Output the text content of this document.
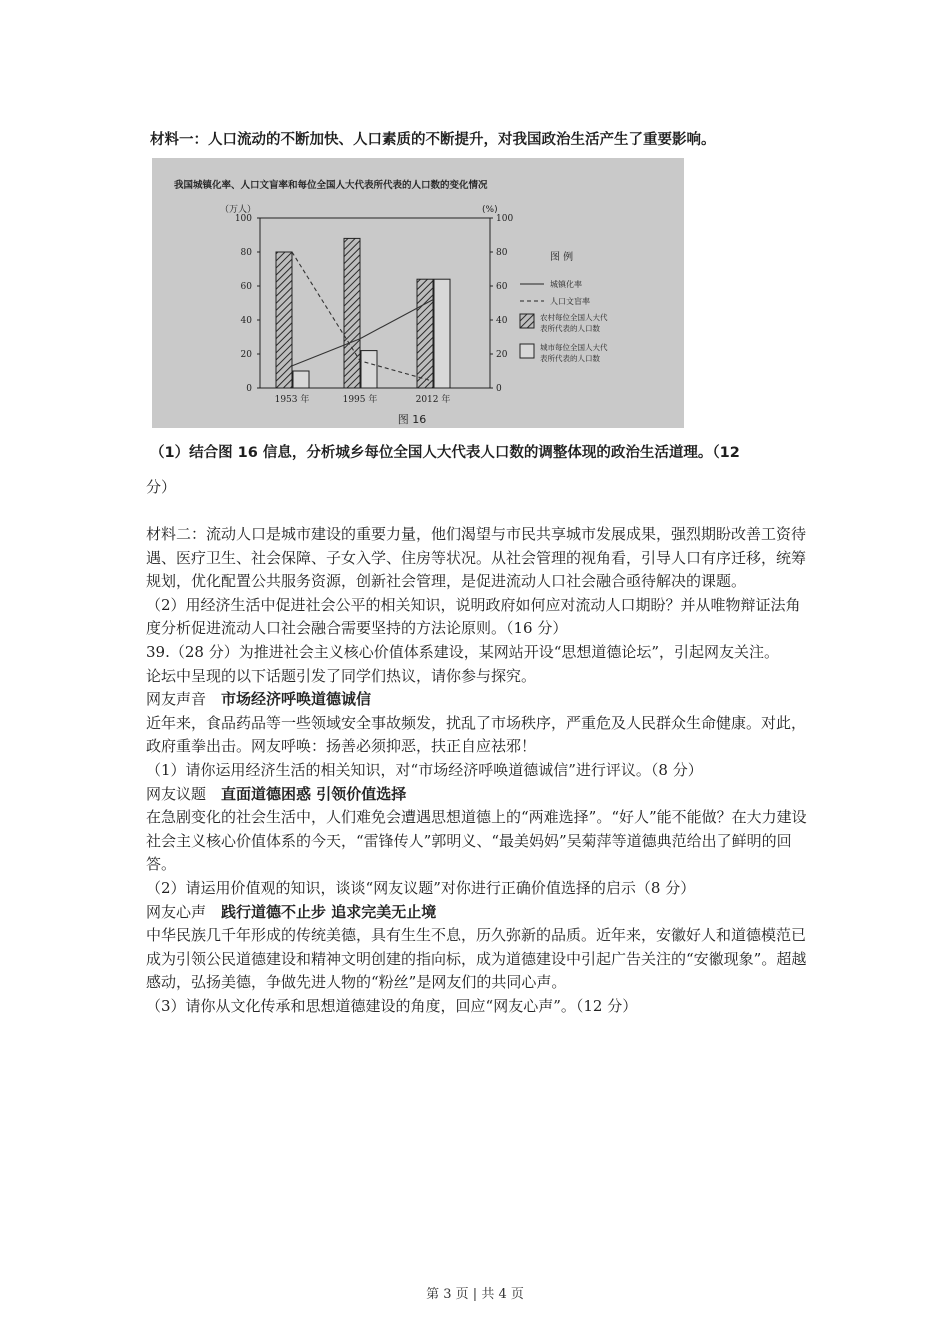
材料一：人口流动的不断加快、人口素质的不断提升，对我国政治生活产生了重要影响。
我国城镇化率、人口文盲率和每位全国人大代表所代表的人口数的变化情况
（万人）	(%)
0	0
20	20
40	40
60	60
80	80
100	100
1953 年	1995 年	2012 年
图 16
图 例
城镇化率
人口文盲率
农村每位全国人大代
表所代表的人口数
城市每位全国人大代
表所代表的人口数
（1）结合图 16 信息，分析城乡每位全国人大代表人口数的调整体现的政治生活道理。（12

分）

材料二：流动人口是城市建设的重要力量，他们渴望与市民共享城市发展成果，强烈期盼改善工资待遇、医疗卫生、社会保障、子女入学、住房等状况。从社会管理的视角看，引导人口有序迁移，统筹规划，优化配置公共服务资源，创新社会管理，是促进流动人口社会融合亟待解决的课题。

（2）用经济生活中促进社会公平的相关知识，说明政府如何应对流动人口期盼？并从唯物辩证法角度分析促进流动人口社会融合需要坚持的方法论原则。（16 分）

39.（28 分）为推进社会主义核心价值体系建设，某网站开设“思想道德论坛”，引起网友关注。

论坛中呈现的以下话题引发了同学们热议，请你参与探究。

网友声音  市场经济呼唤道德诚信

近年来，食品药品等一些领域安全事故频发，扰乱了市场秩序，严重危及人民群众生命健康。对此，政府重拳出击。网友呼唤：扬善必须抑恶，扶正自应祛邪！

（1）请你运用经济生活的相关知识，对“市场经济呼唤道德诚信”进行评议。（8 分）

网友议题  直面道德困惑 引领价值选择

在急剧变化的社会生活中，人们难免会遭遇思想道德上的“两难选择”。“好人”能不能做？在大力建设社会主义核心价值体系的今天，“雷锋传人”郭明义、“最美妈妈”吴菊萍等道德典范给出了鲜明的回答。

（2）请运用价值观的知识，谈谈“网友议题”对你进行正确价值选择的启示（8 分）

网友心声  践行道德不止步 追求完美无止境

中华民族几千年形成的传统美德，具有生生不息，历久弥新的品质。近年来，安徽好人和道德模范已成为引领公民道德建设和精神文明创建的指向标，成为道德建设中引起广告关注的“安徽现象”。超越感动，弘扬美德，争做先进人物的“粉丝”是网友们的共同心声。

（3）请你从文化传承和思想道德建设的角度，回应“网友心声”。（12 分）

第 3 页 | 共 4 页
